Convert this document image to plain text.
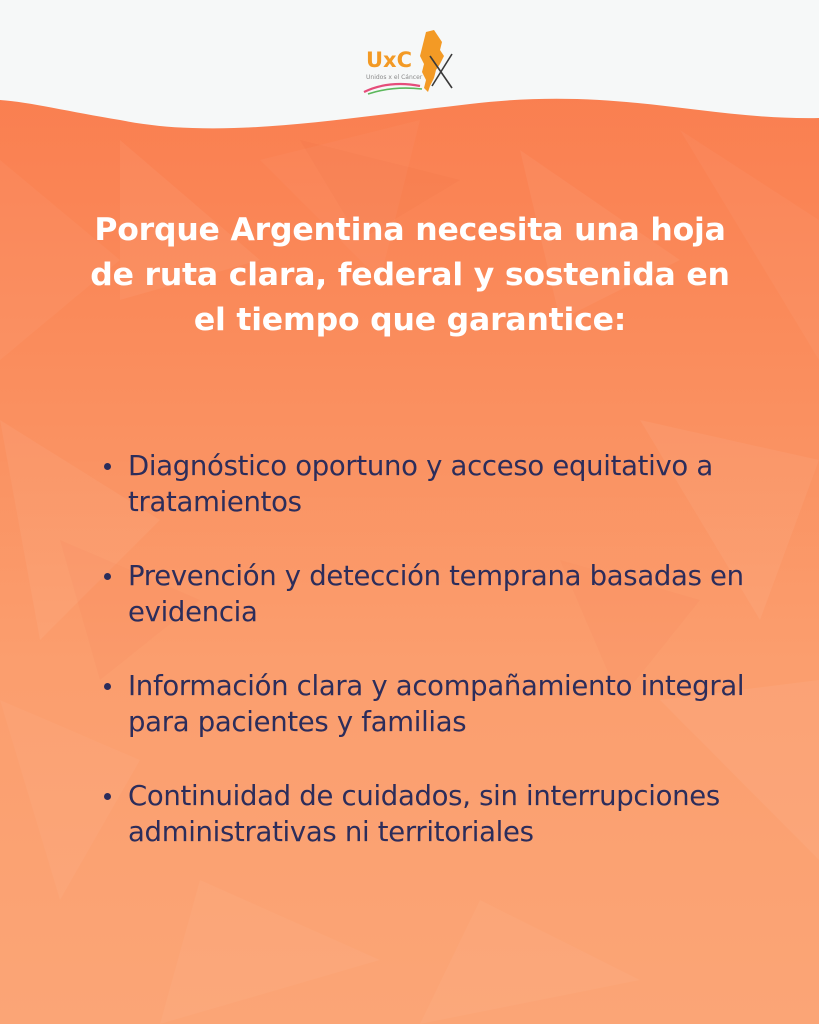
UxC
Unidos x el Cáncer
Porque Argentina necesita una hoja de ruta clara, federal y sostenida en el tiempo que garantice:
Diagnóstico oportuno y acceso equitativo a tratamientos
Prevención y detección temprana basadas en evidencia
Información clara y acompañamiento integral para pacientes y familias
Continuidad de cuidados, sin interrupciones administrativas ni territoriales
